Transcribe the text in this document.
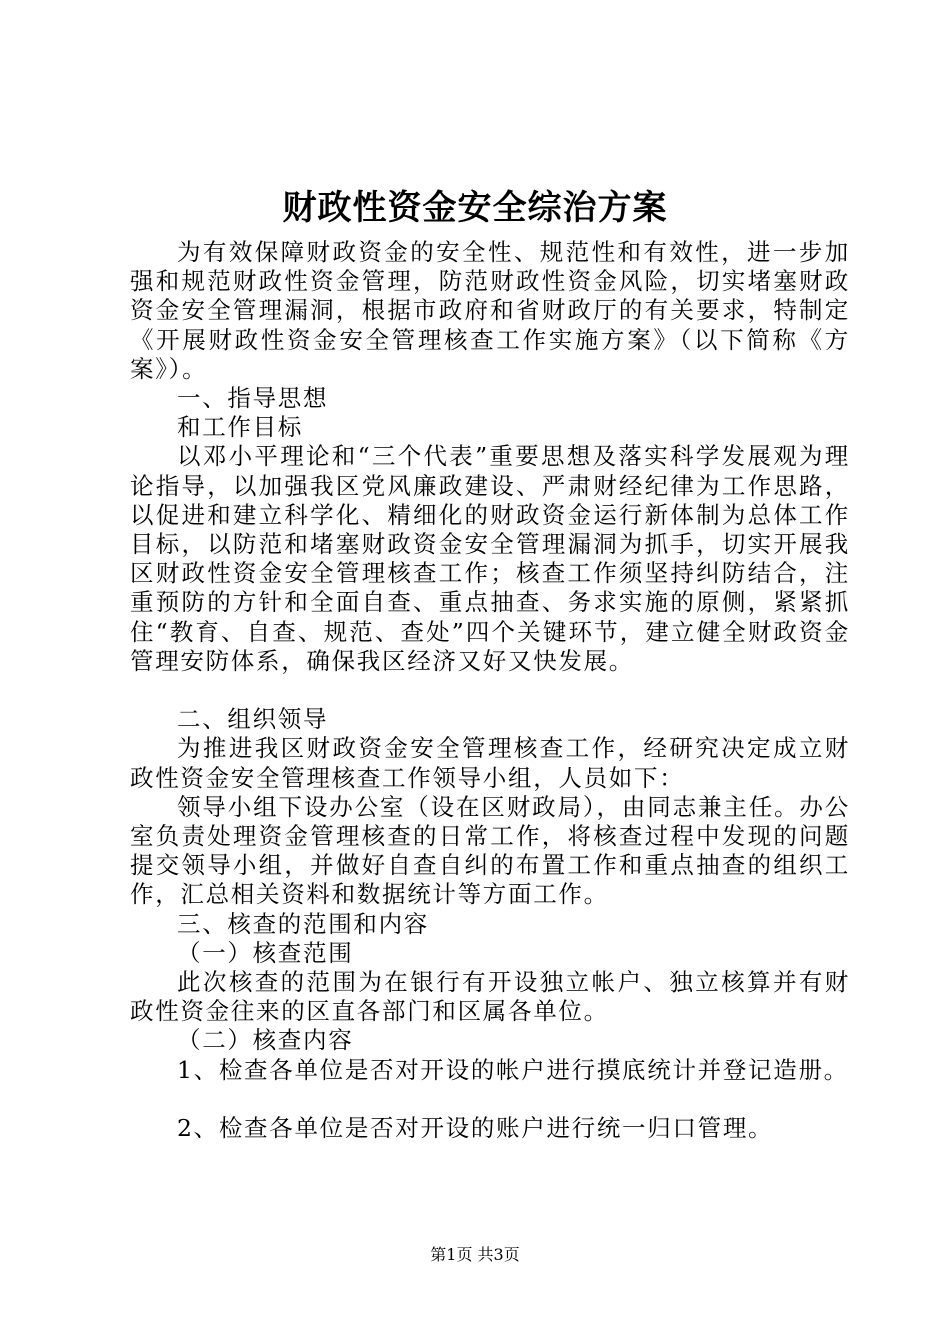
财政性资金安全综治方案

为有效保障财政资金的安全性、规范性和有效性，进一步加强和规范财政性资金管理，防范财政性资金风险，切实堵塞财政资金安全管理漏洞，根据市政府和省财政厅的有关要求，特制定《开展财政性资金安全管理核查工作实施方案》（以下简称《方案》）。

一、指导思想

和工作目标

以邓小平理论和“三个代表”重要思想及落实科学发展观为理论指导，以加强我区党风廉政建设、严肃财经纪律为工作思路，以促进和建立科学化、精细化的财政资金运行新体制为总体工作目标，以防范和堵塞财政资金安全管理漏洞为抓手，切实开展我区财政性资金安全管理核查工作；核查工作须坚持纠防结合，注重预防的方针和全面自查、重点抽查、务求实施的原侧，紧紧抓住“教育、自查、规范、查处”四个关键环节，建立健全财政资金管理安防体系，确保我区经济又好又快发展。

二、组织领导

为推进我区财政资金安全管理核查工作，经研究决定成立财政性资金安全管理核查工作领导小组，人员如下：

领导小组下设办公室（设在区财政局），由同志兼主任。办公室负责处理资金管理核查的日常工作，将核查过程中发现的问题提交领导小组，并做好自查自纠的布置工作和重点抽查的组织工作，汇总相关资料和数据统计等方面工作。

三、核查的范围和内容

（一）核查范围

此次核查的范围为在银行有开设独立帐户、独立核算并有财政性资金往来的区直各部门和区属各单位。

（二）核查内容

1、检查各单位是否对开设的帐户进行摸底统计并登记造册。

2、检查各单位是否对开设的账户进行统一归口管理。

第1页 共3页
